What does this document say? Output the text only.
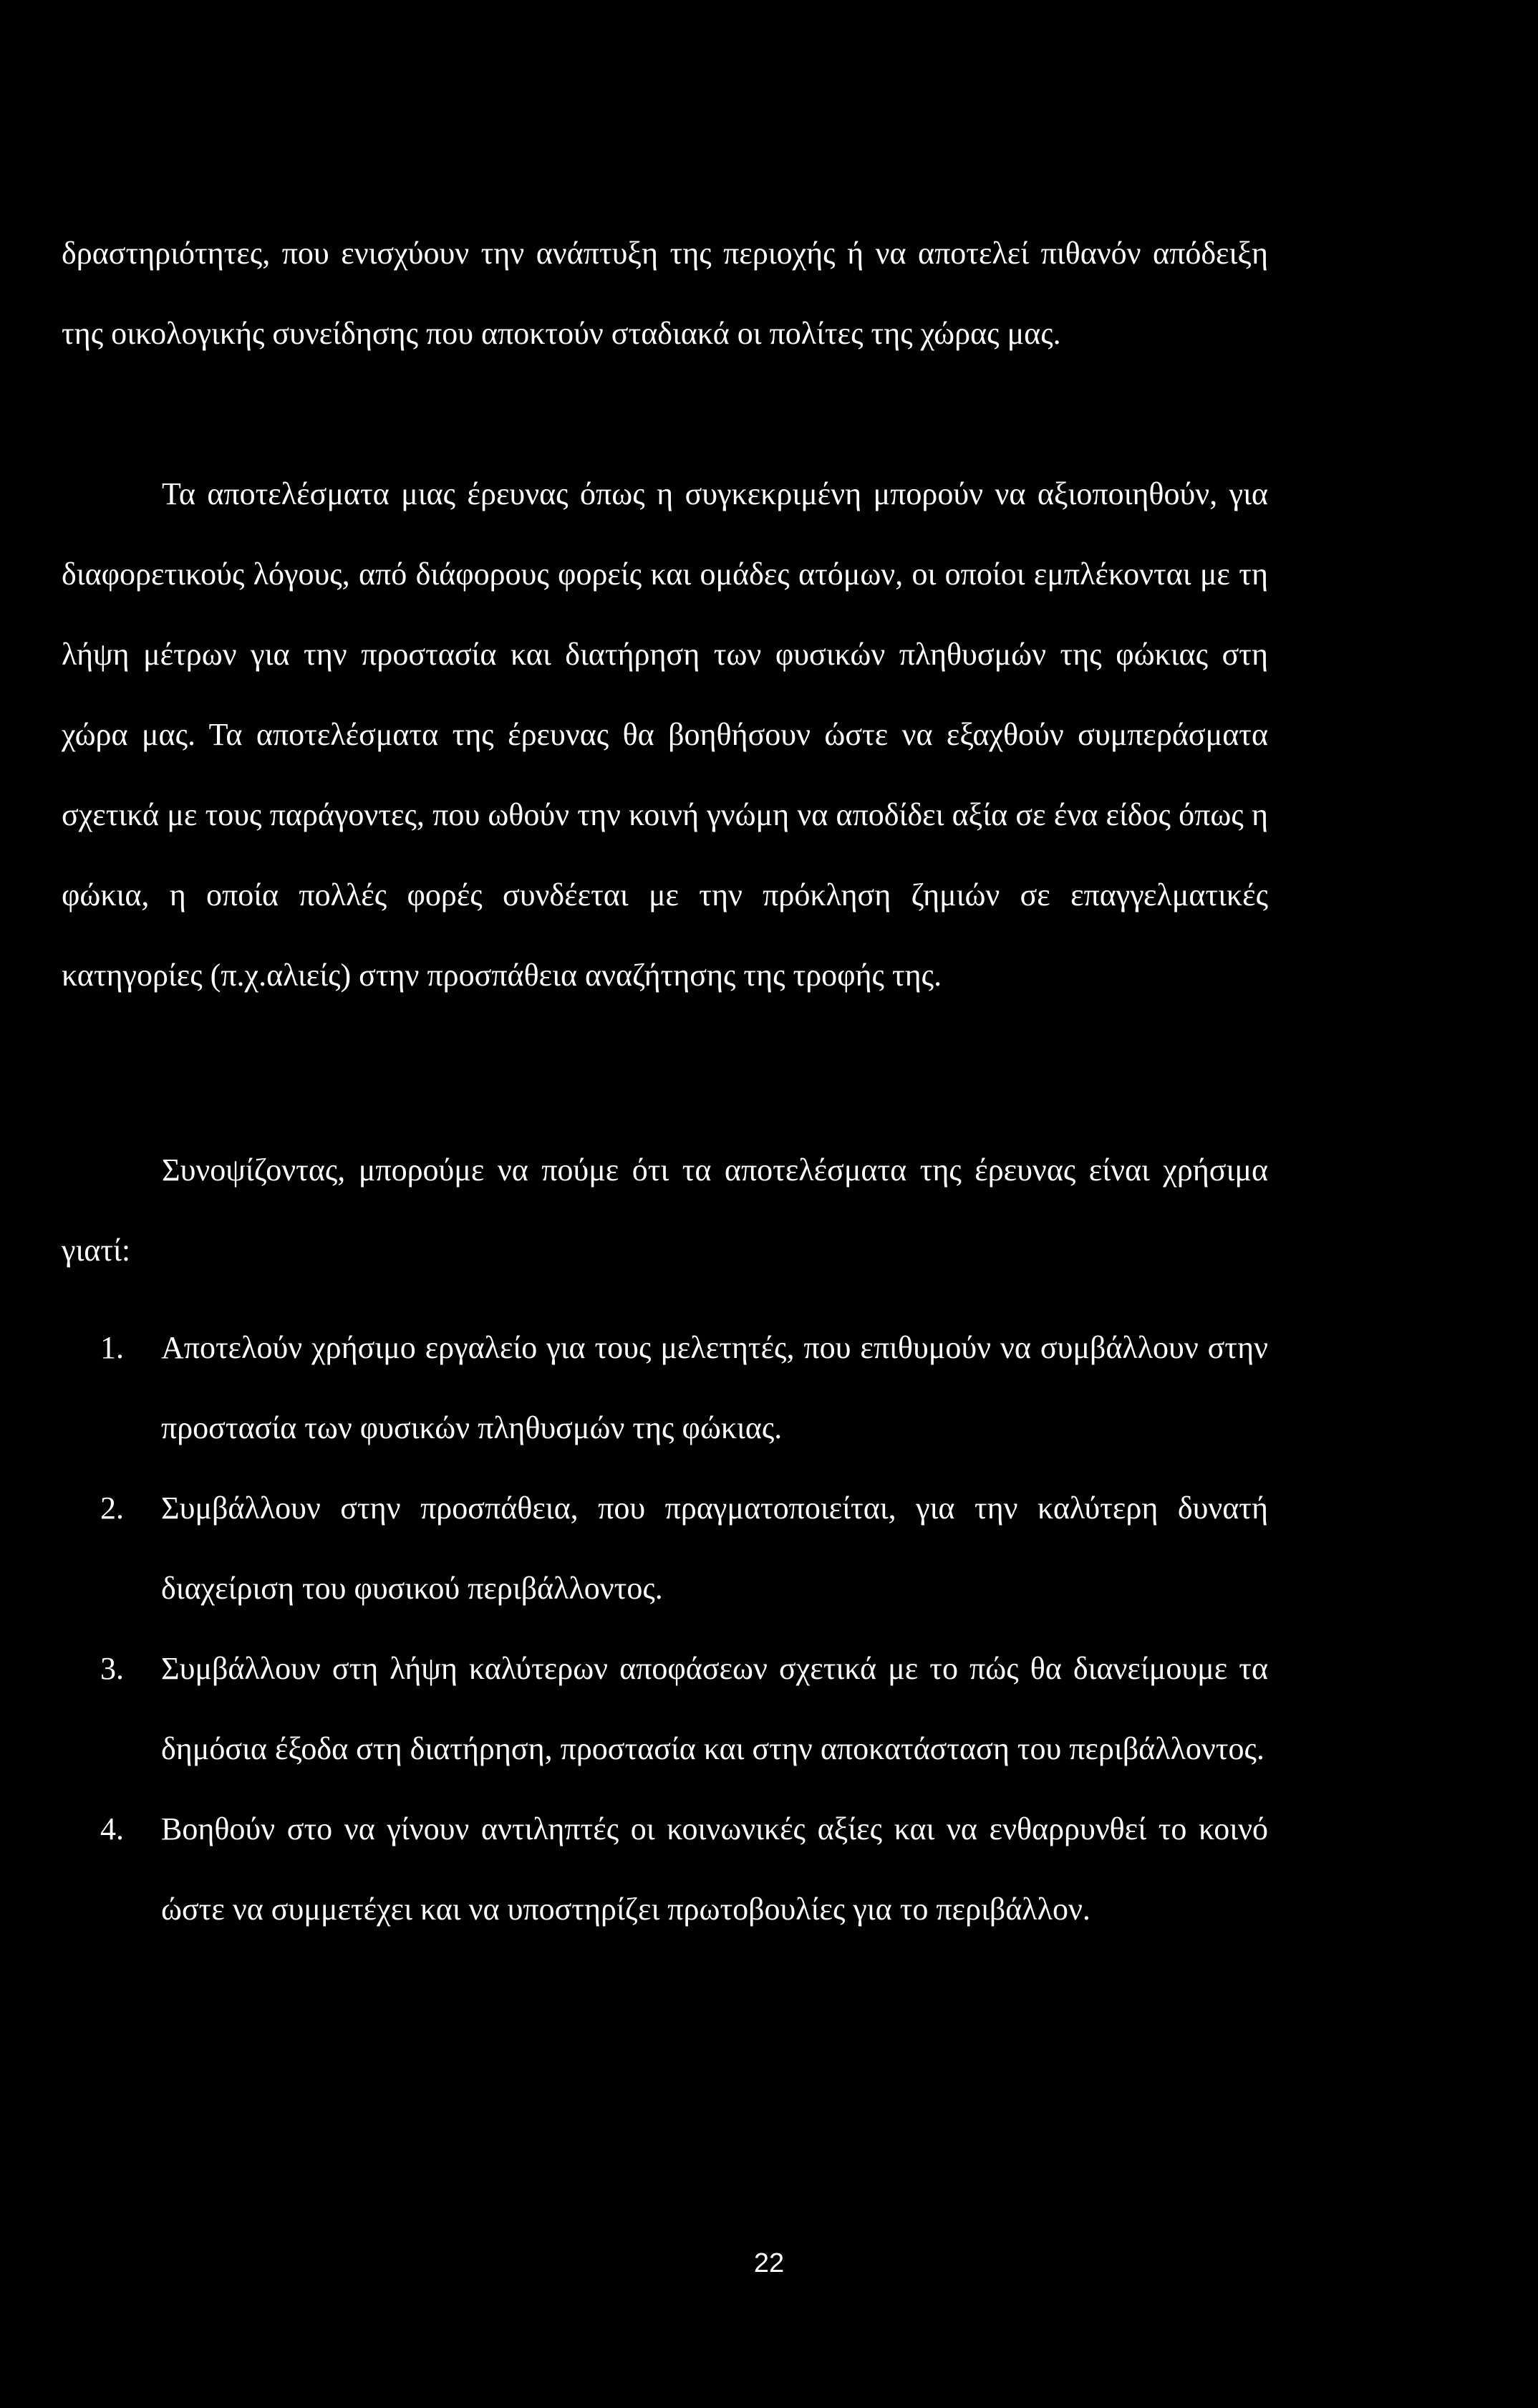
δραστηριότητες, που ενισχύουν την ανάπτυξη της περιοχής ή να αποτελεί πιθανόν απόδειξη της οικολογικής συνείδησης που αποκτούν σταδιακά οι πολίτες της χώρας μας.

Τα αποτελέσματα μιας έρευνας όπως η συγκεκριμένη μπορούν να αξιοποιηθούν, για διαφορετικούς λόγους, από διάφορους φορείς και ομάδες ατόμων, οι οποίοι εμπλέκονται με τη λήψη μέτρων για την προστασία και διατήρηση των φυσικών πληθυσμών της φώκιας στη χώρα μας. Τα αποτελέσματα της έρευνας θα βοηθήσουν ώστε να εξαχθούν συμπεράσματα σχετικά με τους παράγοντες, που ωθούν την κοινή γνώμη να αποδίδει αξία σε ένα είδος όπως η φώκια, η οποία πολλές φορές συνδέεται με την πρόκληση ζημιών σε επαγγελματικές κατηγορίες (π.χ.αλιείς) στην προσπάθεια αναζήτησης της τροφής της.

Συνοψίζοντας, μπορούμε να πούμε ότι τα αποτελέσματα της έρευνας είναι χρήσιμα γιατί:

1. Αποτελούν χρήσιμο εργαλείο για τους μελετητές, που επιθυμούν να συμβάλλουν στην προστασία των φυσικών πληθυσμών της φώκιας.
2. Συμβάλλουν στην προσπάθεια, που πραγματοποιείται, για την καλύτερη δυνατή διαχείριση του φυσικού περιβάλλοντος.
3. Συμβάλλουν στη λήψη καλύτερων αποφάσεων σχετικά με το πώς θα διανείμουμε τα δημόσια έξοδα στη διατήρηση, προστασία και στην αποκατάσταση του περιβάλλοντος.
4. Βοηθούν στο να γίνουν αντιληπτές οι κοινωνικές αξίες και να ενθαρρυνθεί το κοινό ώστε να συμμετέχει και να υποστηρίζει πρωτοβουλίες για το περιβάλλον.
22
